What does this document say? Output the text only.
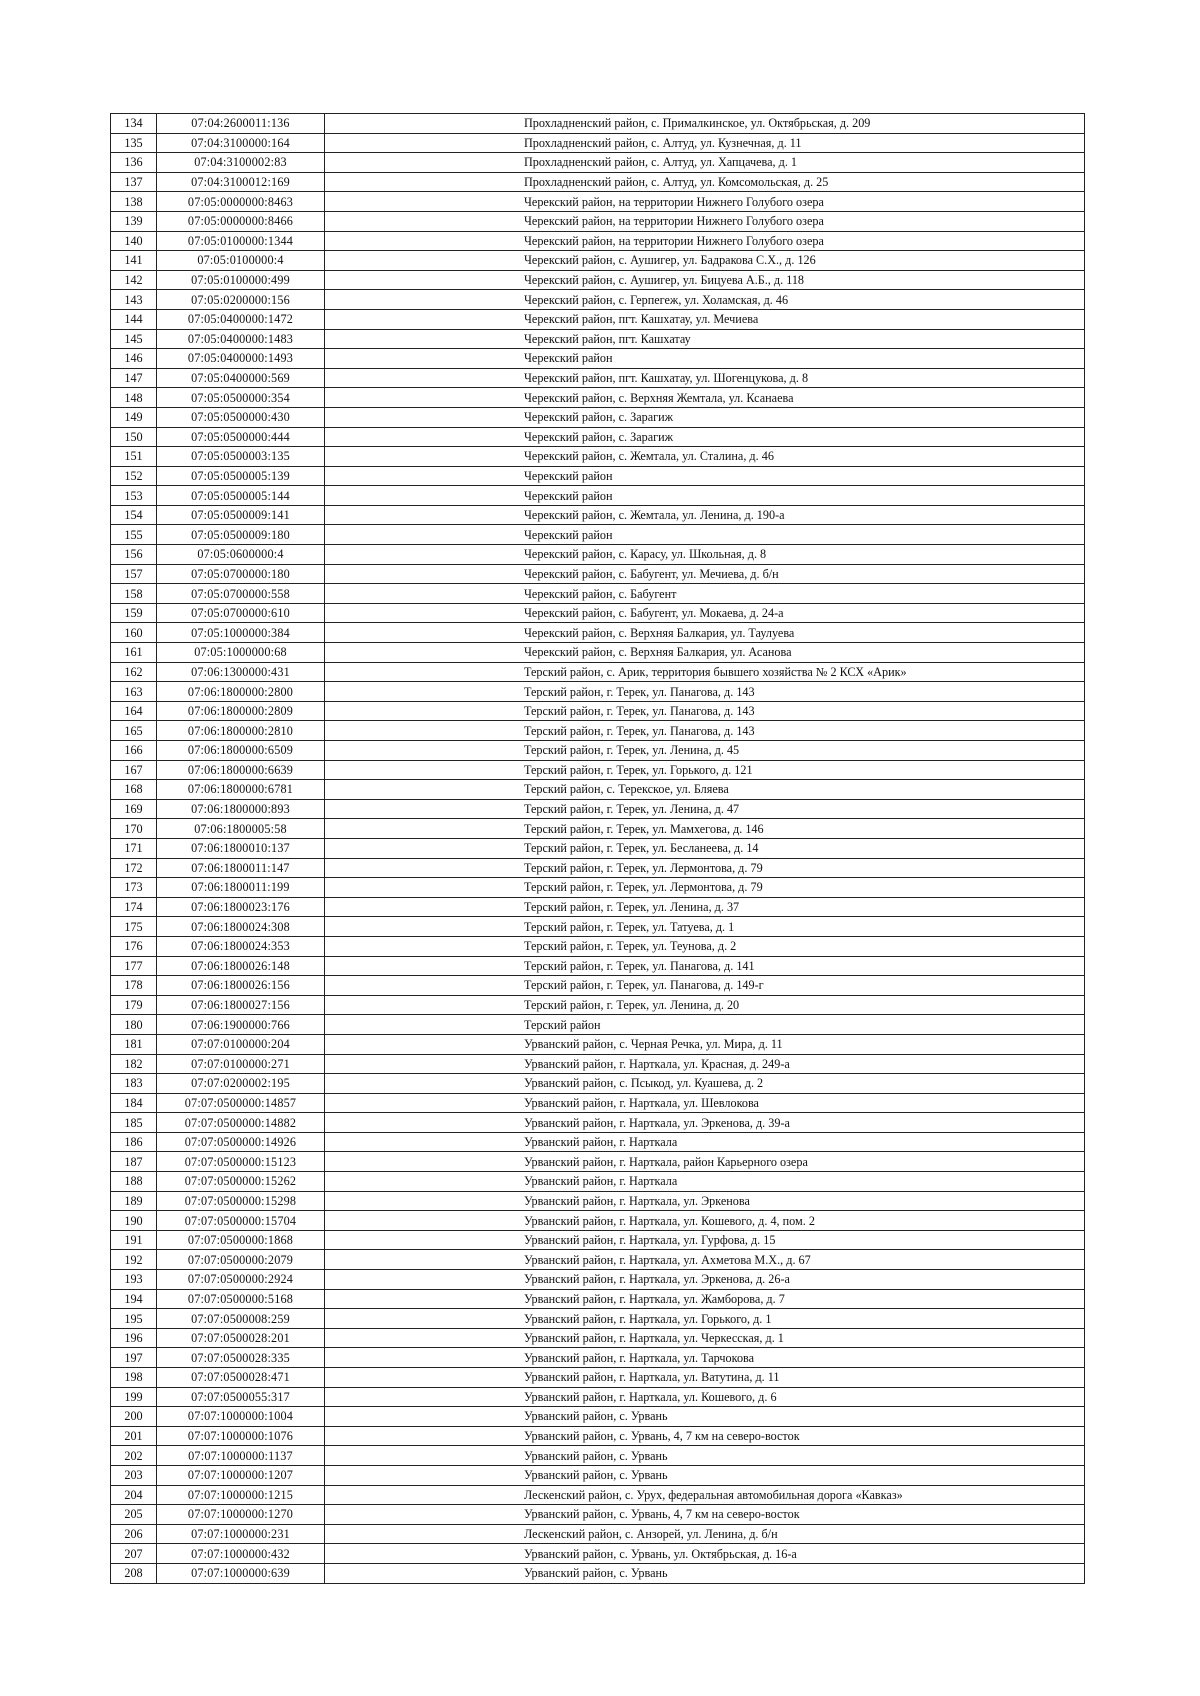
134	07:04:2600011:136		Прохладненский район, с. Прималкинское, ул. Октябрьская, д. 209
135	07:04:3100000:164		Прохладненский район, с. Алтуд, ул. Кузнечная, д. 11
136	07:04:3100002:83		Прохладненский район, с. Алтуд, ул. Хапцачева, д. 1
137	07:04:3100012:169		Прохладненский район, с. Алтуд, ул. Комсомольская, д. 25
138	07:05:0000000:8463		Черекский район, на территории Нижнего Голубого озера
139	07:05:0000000:8466		Черекский район, на территории Нижнего Голубого озера
140	07:05:0100000:1344		Черекский район, на территории Нижнего Голубого озера
141	07:05:0100000:4		Черекский район, с. Аушигер, ул. Бадракова С.Х., д. 126
142	07:05:0100000:499		Черекский район, с. Аушигер, ул. Бицуева А.Б., д. 118
143	07:05:0200000:156		Черекский район, с. Герпегеж, ул. Холамская, д. 46
144	07:05:0400000:1472		Черекский район, пгт. Кашхатау, ул. Мечиева
145	07:05:0400000:1483		Черекский район, пгт. Кашхатау
146	07:05:0400000:1493		Черекский район
147	07:05:0400000:569		Черекский район, пгт. Кашхатау, ул. Шогенцукова, д. 8
148	07:05:0500000:354		Черекский район, с. Верхняя Жемтала, ул. Ксанаева
149	07:05:0500000:430		Черекский район, с. Зарагиж
150	07:05:0500000:444		Черекский район, с. Зарагиж
151	07:05:0500003:135		Черекский район, с. Жемтала, ул. Сталина, д. 46
152	07:05:0500005:139		Черекский район
153	07:05:0500005:144		Черекский район
154	07:05:0500009:141		Черекский район, с. Жемтала, ул. Ленина, д. 190-а
155	07:05:0500009:180		Черекский район
156	07:05:0600000:4		Черекский район, с. Карасу, ул. Школьная, д. 8
157	07:05:0700000:180		Черекский район, с. Бабугент, ул. Мечиева, д. б/н
158	07:05:0700000:558		Черекский район, с. Бабугент
159	07:05:0700000:610		Черекский район, с. Бабугент, ул. Мокаева, д. 24-а
160	07:05:1000000:384		Черекский район, с. Верхняя Балкария, ул. Таулуева
161	07:05:1000000:68		Черекский район, с. Верхняя Балкария, ул. Асанова
162	07:06:1300000:431		Терский район, с. Арик, территория бывшего хозяйства № 2 КСХ «Арик»
163	07:06:1800000:2800		Терский район, г. Терек, ул. Панагова, д. 143
164	07:06:1800000:2809		Терский район, г. Терек, ул. Панагова, д. 143
165	07:06:1800000:2810		Терский район, г. Терек, ул. Панагова, д. 143
166	07:06:1800000:6509		Терский район, г. Терек, ул. Ленина, д. 45
167	07:06:1800000:6639		Терский район, г. Терек, ул. Горького, д. 121
168	07:06:1800000:6781		Терский район, с. Терекское, ул. Бляева
169	07:06:1800000:893		Терский район, г. Терек, ул. Ленина, д. 47
170	07:06:1800005:58		Терский район, г. Терек, ул. Мамхегова, д. 146
171	07:06:1800010:137		Терский район, г. Терек, ул. Бесланеева, д. 14
172	07:06:1800011:147		Терский район, г. Терек, ул. Лермонтова, д. 79
173	07:06:1800011:199		Терский район, г. Терек, ул. Лермонтова, д. 79
174	07:06:1800023:176		Терский район, г. Терек, ул. Ленина, д. 37
175	07:06:1800024:308		Терский район, г. Терек, ул. Татуева, д. 1
176	07:06:1800024:353		Терский район, г. Терек, ул. Теунова, д. 2
177	07:06:1800026:148		Терский район, г. Терек, ул. Панагова, д. 141
178	07:06:1800026:156		Терский район, г. Терек, ул. Панагова, д. 149-г
179	07:06:1800027:156		Терский район, г. Терек, ул. Ленина, д. 20
180	07:06:1900000:766		Терский район
181	07:07:0100000:204		Урванский район, с. Черная Речка, ул. Мира, д. 11
182	07:07:0100000:271		Урванский район, г. Нарткала, ул. Красная, д. 249-а
183	07:07:0200002:195		Урванский район, с. Псыкод, ул. Куашева, д. 2
184	07:07:0500000:14857		Урванский район, г. Нарткала, ул. Шевлокова
185	07:07:0500000:14882		Урванский район, г. Нарткала, ул. Эркенова, д. 39-а
186	07:07:0500000:14926		Урванский район, г. Нарткала
187	07:07:0500000:15123		Урванский район, г. Нарткала, район Карьерного озера
188	07:07:0500000:15262		Урванский район, г. Нарткала
189	07:07:0500000:15298		Урванский район, г. Нарткала, ул. Эркенова
190	07:07:0500000:15704		Урванский район, г. Нарткала, ул. Кошевого, д. 4, пом. 2
191	07:07:0500000:1868		Урванский район, г. Нарткала, ул. Гурфова, д. 15
192	07:07:0500000:2079		Урванский район, г. Нарткала, ул. Ахметова М.Х., д. 67
193	07:07:0500000:2924		Урванский район, г. Нарткала, ул. Эркенова, д. 26-а
194	07:07:0500000:5168		Урванский район, г. Нарткала, ул. Жамборова, д. 7
195	07:07:0500008:259		Урванский район, г. Нарткала, ул. Горького, д. 1
196	07:07:0500028:201		Урванский район, г. Нарткала, ул. Черкесская, д. 1
197	07:07:0500028:335		Урванский район, г. Нарткала, ул. Тарчокова
198	07:07:0500028:471		Урванский район, г. Нарткала, ул. Ватутина, д. 11
199	07:07:0500055:317		Урванский район, г. Нарткала, ул. Кошевого, д. 6
200	07:07:1000000:1004		Урванский район, с. Урвань
201	07:07:1000000:1076		Урванский район, с. Урвань, 4, 7 км на северо-восток
202	07:07:1000000:1137		Урванский район, с. Урвань
203	07:07:1000000:1207		Урванский район, с. Урвань
204	07:07:1000000:1215		Лескенский район, с. Урух, федеральная автомобильная дорога «Кавказ»
205	07:07:1000000:1270		Урванский район, с. Урвань, 4, 7 км на северо-восток
206	07:07:1000000:231		Лескенский район, с. Анзорей, ул. Ленина, д. б/н
207	07:07:1000000:432		Урванский район, с. Урвань, ул. Октябрьская, д. 16-а
208	07:07:1000000:639		Урванский район, с. Урвань
